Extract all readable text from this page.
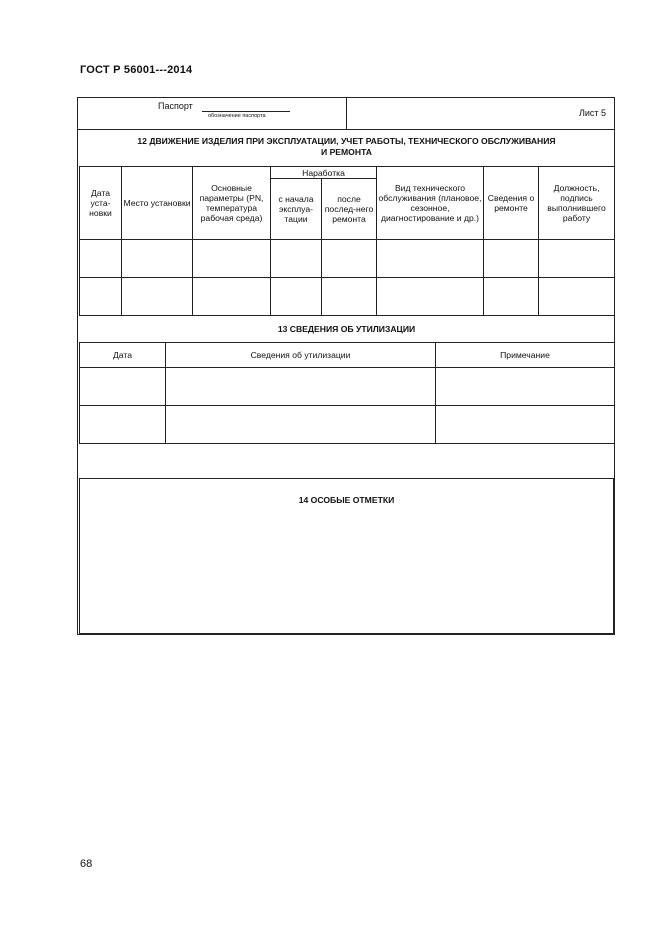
ГОСТ Р 56001---2014
Паспорт
обозначение паспорта	Лист 5
12 ДВИЖЕНИЕ ИЗДЕЛИЯ ПРИ ЭКСПЛУАТАЦИИ, УЧЕТ РАБОТЫ, ТЕХНИЧЕСКОГО ОБСЛУЖИВАНИЯ
И РЕМОНТА
Дата уста-новки	Место установки	Основные параметры (PN, температура рабочая среда)	Наработка		Вид технического обслуживания (плановое, сезонное, диагностирование и др.)	Сведения о ремонте	Должность, подпись выполнившего работу
			с начала эксплуа-тации	после послед-него ремонта			

13 СВЕДЕНИЯ ОБ УТИЛИЗАЦИИ
Дата	Сведения об утилизации	Примечание

14 ОСОБЫЕ ОТМЕТКИ
68
